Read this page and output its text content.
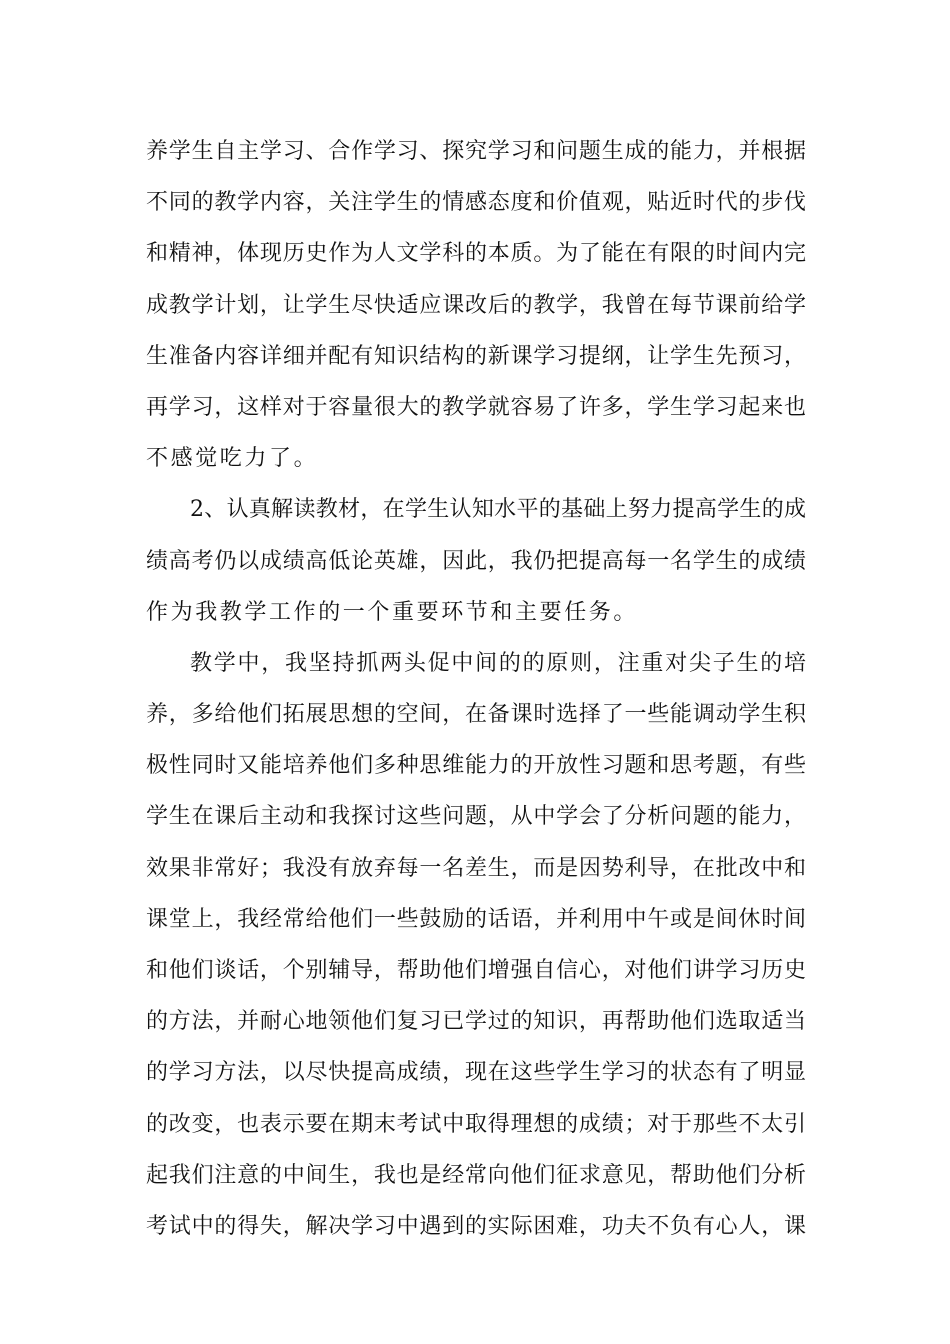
养学生自主学习、合作学习、探究学习和问题生成的能力，并根据
不同的教学内容，关注学生的情感态度和价值观，贴近时代的步伐
和精神，体现历史作为人文学科的本质。为了能在有限的时间内完
成教学计划，让学生尽快适应课改后的教学，我曾在每节课前给学
生准备内容详细并配有知识结构的新课学习提纲，让学生先预习，
再学习，这样对于容量很大的教学就容易了许多，学生学习起来也
不感觉吃力了。
2、认真解读教材，在学生认知水平的基础上努力提高学生的成
绩高考仍以成绩高低论英雄，因此，我仍把提高每一名学生的成绩
作为我教学工作的一个重要环节和主要任务。
教学中，我坚持抓两头促中间的的原则，注重对尖子生的培
养，多给他们拓展思想的空间，在备课时选择了一些能调动学生积
极性同时又能培养他们多种思维能力的开放性习题和思考题，有些
学生在课后主动和我探讨这些问题，从中学会了分析问题的能力，
效果非常好；我没有放弃每一名差生，而是因势利导，在批改中和
课堂上，我经常给他们一些鼓励的话语，并利用中午或是间休时间
和他们谈话，个别辅导，帮助他们增强自信心，对他们讲学习历史
的方法，并耐心地领他们复习已学过的知识，再帮助他们选取适当
的学习方法，以尽快提高成绩，现在这些学生学习的状态有了明显
的改变，也表示要在期末考试中取得理想的成绩；对于那些不太引
起我们注意的中间生，我也是经常向他们征求意见，帮助他们分析
考试中的得失，解决学习中遇到的实际困难，功夫不负有心人，课
